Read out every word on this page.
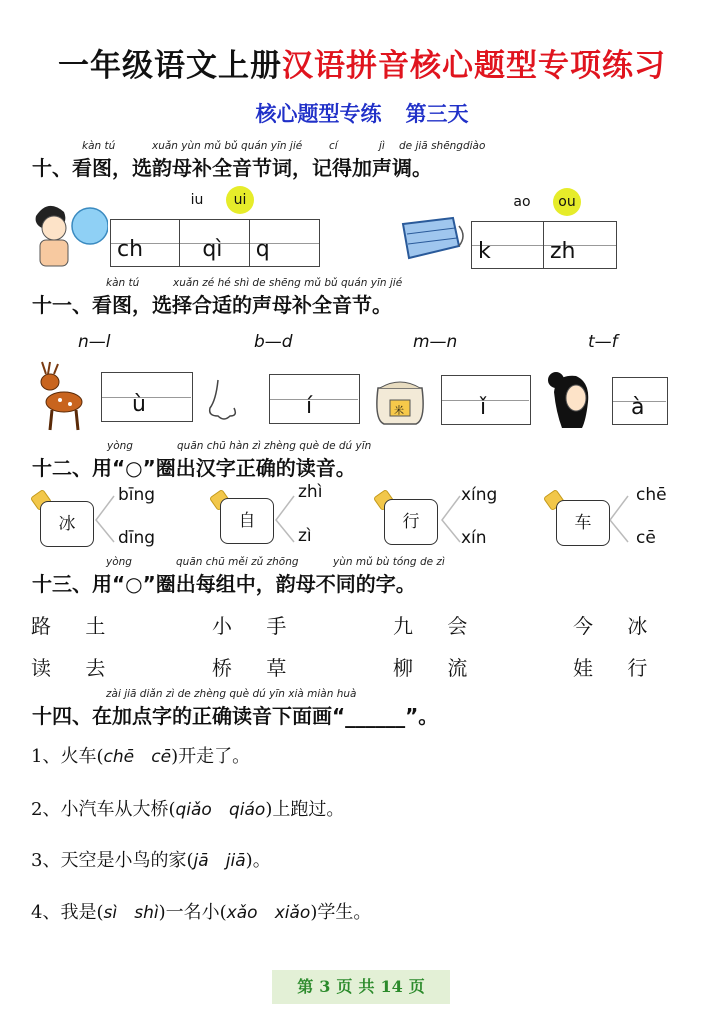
一年级语文上册汉语拼音核心题型专项练习
核心题型专练 第三天
kàn tú	xuǎn yùn mǔ bǔ quán yīn jié	cí	jì de jiā shēngdiào
十、看图，选韵母补全音节词，记得加声调。
iu	ui
ch	qì q
ao	ou
k	zh
kàn tú	xuǎn zé hé shì de shēng mǔ bǔ quán yīn jié
十一、看图，选择合适的声母补全音节。
n—l	b—d	m—n	t—f
ù	í	米	ǐ	à
yòng	quān chū hàn zì zhèng què de dú yīn
十二、用“○”圈出汉字正确的读音。
冰
bīng
dīng
自
zhì
zì
行
xíng
xín
车
chē
cē
yòng	quān chū měi zǔ zhōng	yùn mǔ bù tóng de zì
十三、用“○”圈出每组中，韵母不同的字。
路 土	小 手	九 会	今 冰
读 去	桥 草	柳 流	娃 行
zài jiā diǎn zì de zhèng què dú yīn xià miàn huà
十四、在加点字的正确读音下面画“______”。
1、火车(chē cē)开走了。
2、小汽车从大桥(qiǎo qiáo)上跑过。
3、天空是小鸟的家(jā jiā)。
4、我是(sì shì)一名小(xǎo xiǎo)学生。
第 3 页 共 14 页
